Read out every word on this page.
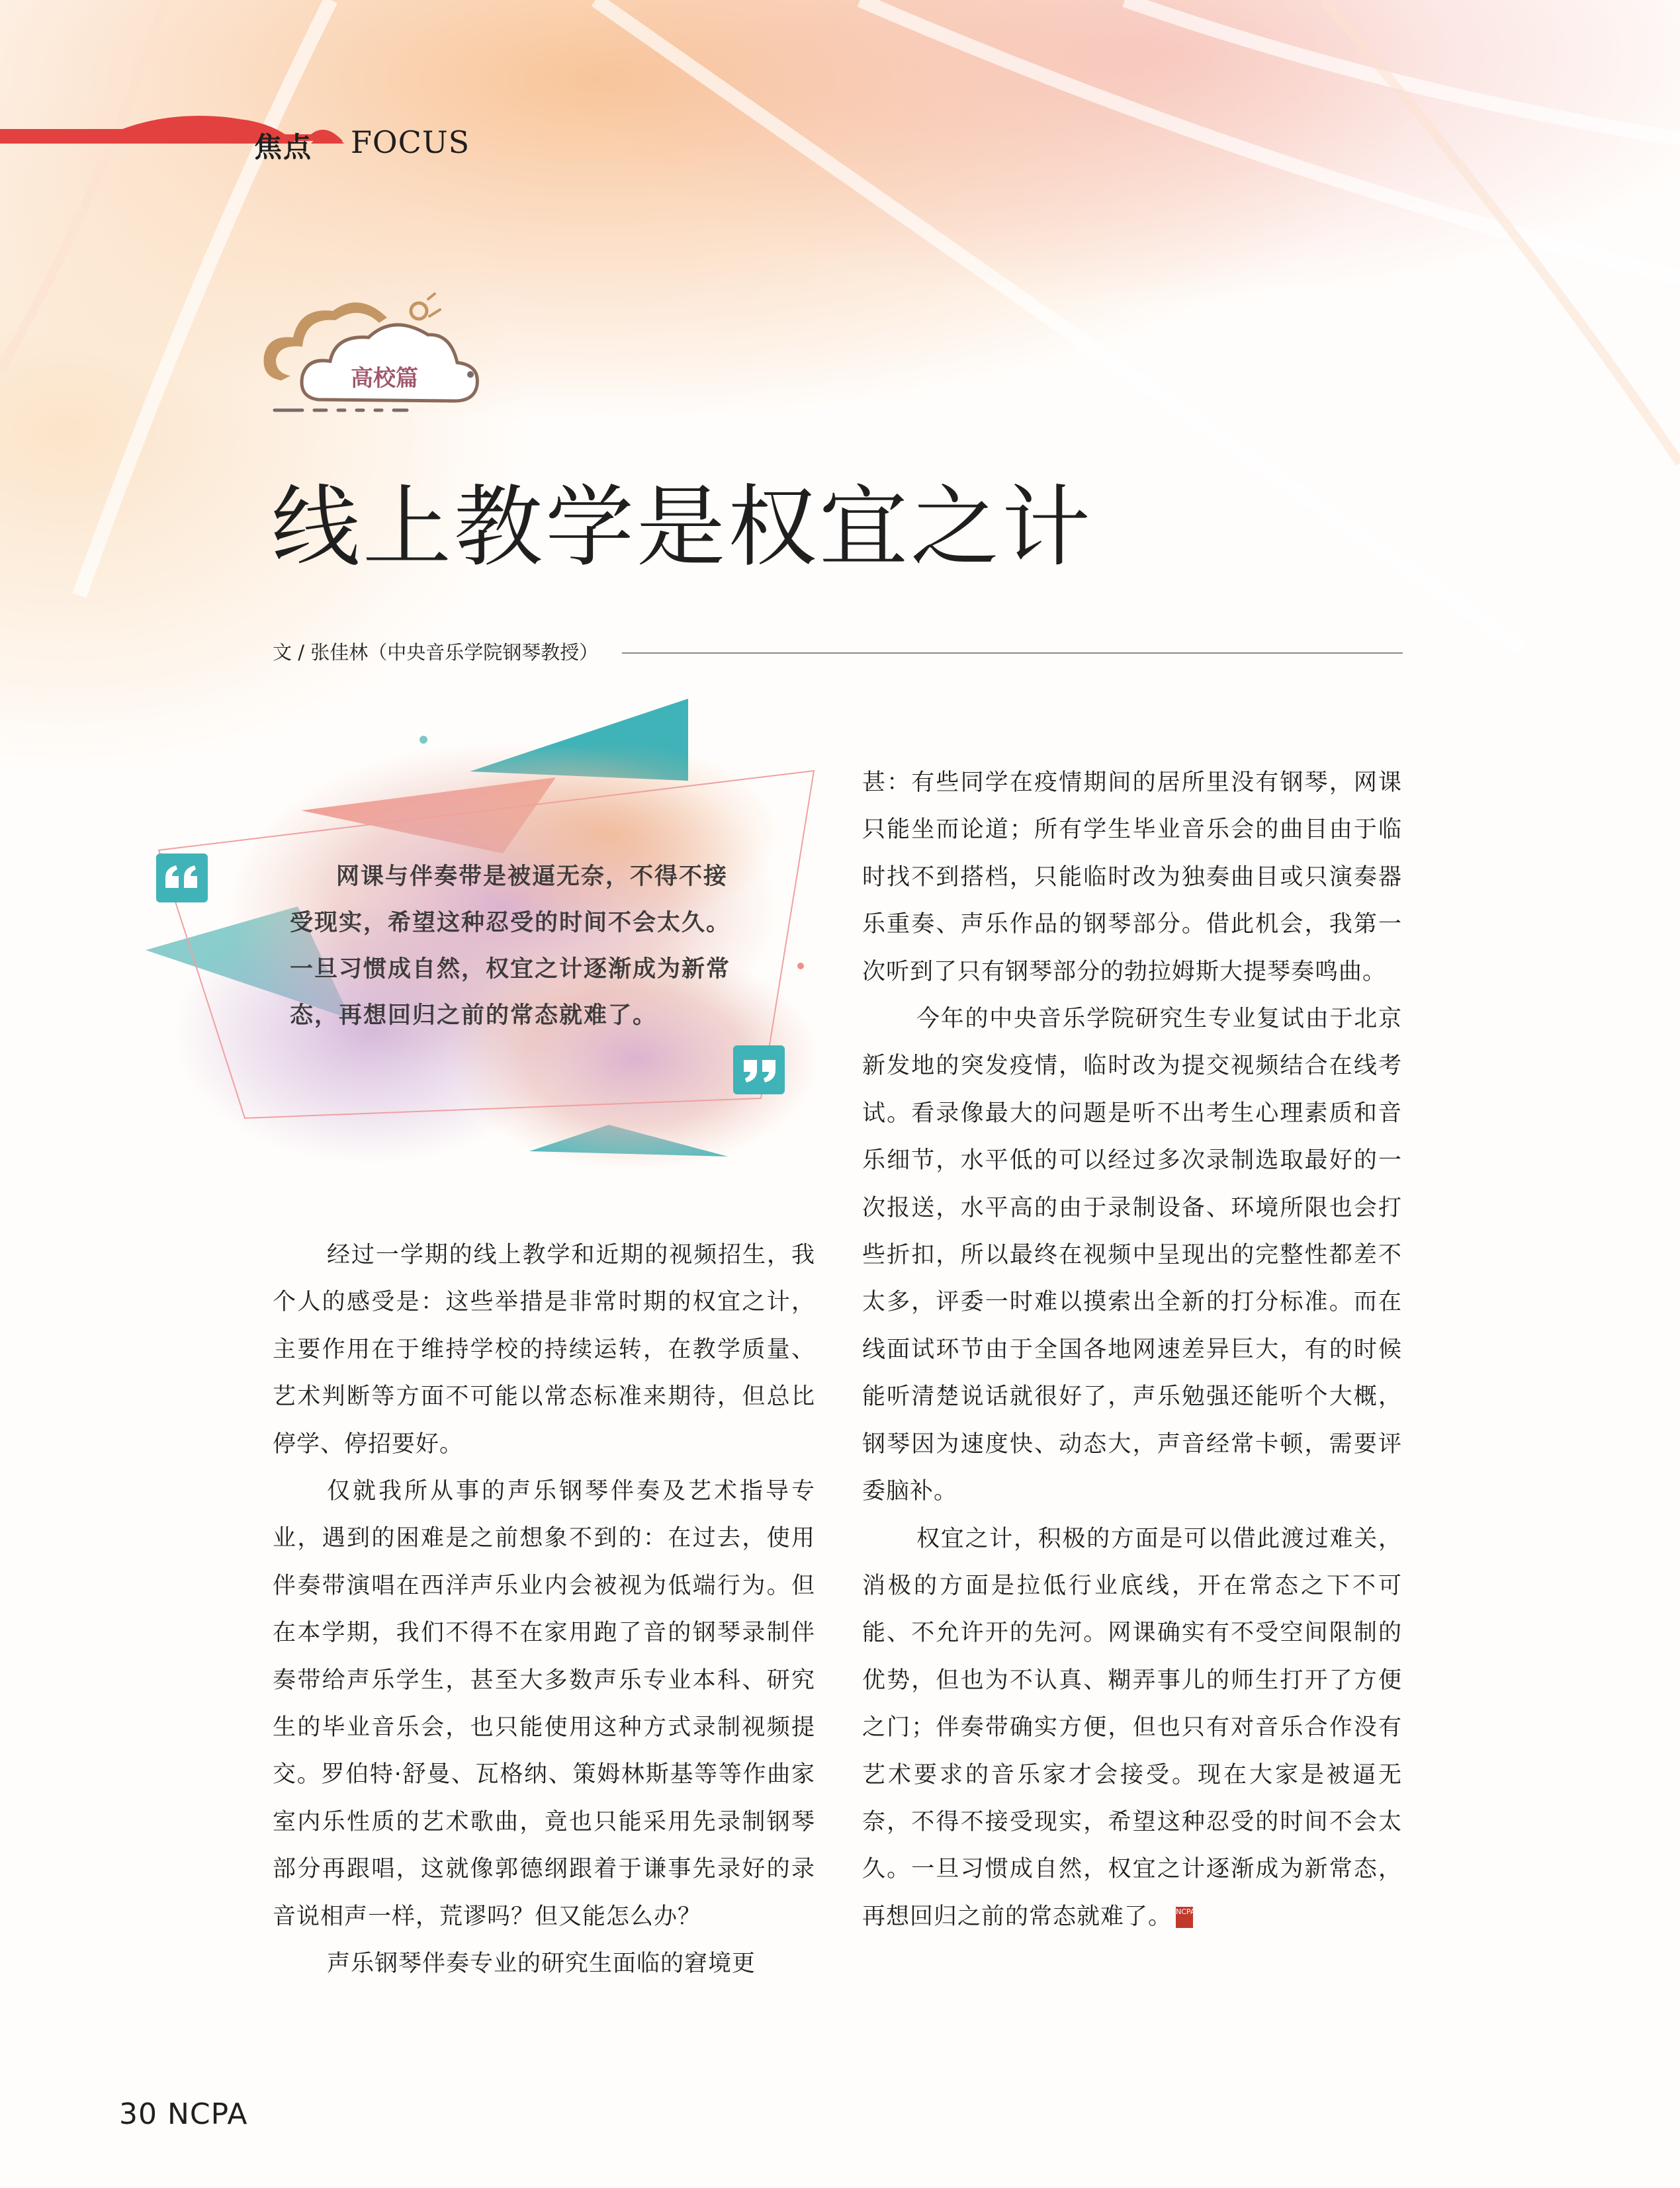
焦点 FOCUS
高校篇
线上教学是权宜之计
文 / 张佳林（中央音乐学院钢琴教授）
网课与伴奏带是被逼无奈，不得不接受现实，希望这种忍受的时间不会太久。一旦习惯成自然，权宜之计逐渐成为新常态，再想回归之前的常态就难了。

经过一学期的线上教学和近期的视频招生，我个人的感受是：这些举措是非常时期的权宜之计，主要作用在于维持学校的持续运转，在教学质量、艺术判断等方面不可能以常态标准来期待，但总比停学、停招要好。

仅就我所从事的声乐钢琴伴奏及艺术指导专业，遇到的困难是之前想象不到的：在过去，使用伴奏带演唱在西洋声乐业内会被视为低端行为。但在本学期，我们不得不在家用跑了音的钢琴录制伴奏带给声乐学生，甚至大多数声乐专业本科、研究生的毕业音乐会，也只能使用这种方式录制视频提交。罗伯特·舒曼、瓦格纳、策姆林斯基等等作曲家室内乐性质的艺术歌曲，竟也只能采用先录制钢琴部分再跟唱，这就像郭德纲跟着于谦事先录好的录音说相声一样，荒谬吗？但又能怎么办？

声乐钢琴伴奏专业的研究生面临的窘境更

甚：有些同学在疫情期间的居所里没有钢琴，网课只能坐而论道；所有学生毕业音乐会的曲目由于临时找不到搭档，只能临时改为独奏曲目或只演奏器乐重奏、声乐作品的钢琴部分。借此机会，我第一次听到了只有钢琴部分的勃拉姆斯大提琴奏鸣曲。

今年的中央音乐学院研究生专业复试由于北京新发地的突发疫情，临时改为提交视频结合在线考试。看录像最大的问题是听不出考生心理素质和音乐细节，水平低的可以经过多次录制选取最好的一次报送，水平高的由于录制设备、环境所限也会打些折扣，所以最终在视频中呈现出的完整性都差不太多，评委一时难以摸索出全新的打分标准。而在线面试环节由于全国各地网速差异巨大，有的时候能听清楚说话就很好了，声乐勉强还能听个大概，钢琴因为速度快、动态大，声音经常卡顿，需要评委脑补。

权宜之计，积极的方面是可以借此渡过难关，消极的方面是拉低行业底线，开在常态之下不可能、不允许开的先河。网课确实有不受空间限制的优势，但也为不认真、糊弄事儿的师生打开了方便之门；伴奏带确实方便，但也只有对音乐合作没有艺术要求的音乐家才会接受。现在大家是被逼无奈，不得不接受现实，希望这种忍受的时间不会太久。一旦习惯成自然，权宜之计逐渐成为新常态，再想回归之前的常态就难了。 NCPA

30 NCPA
